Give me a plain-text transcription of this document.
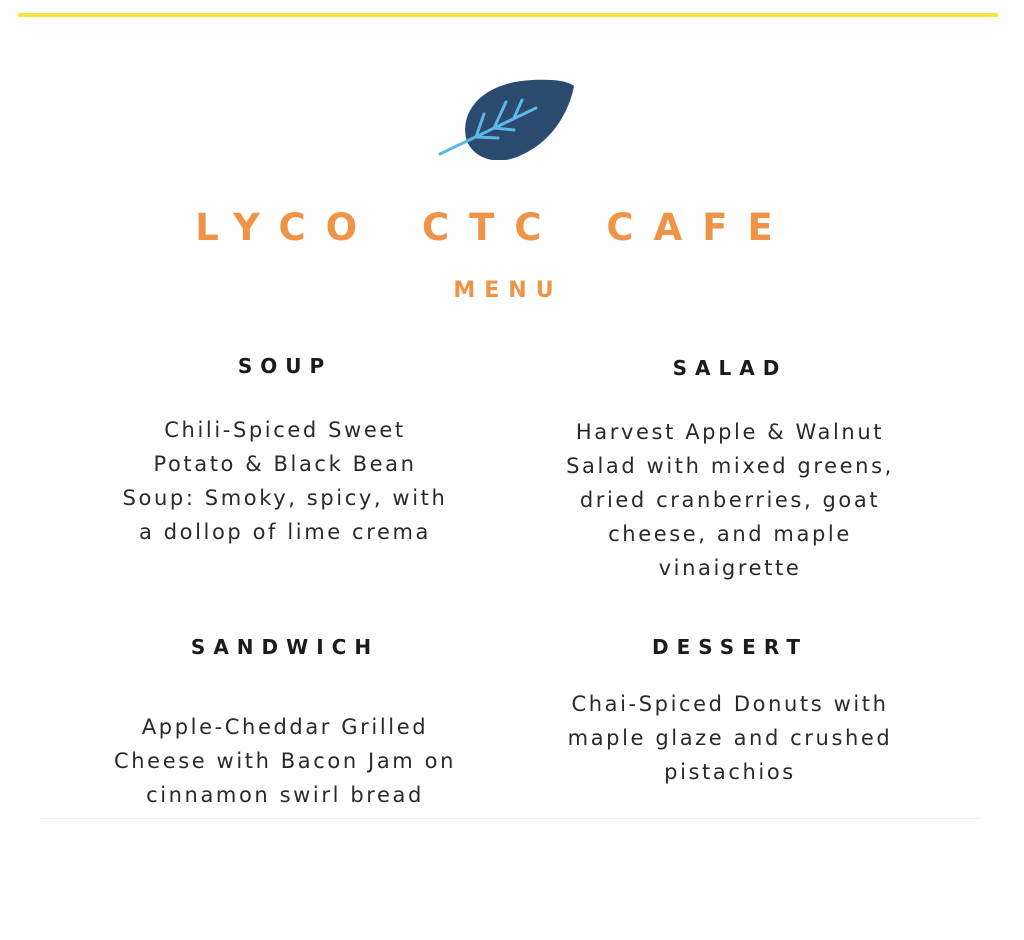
LYCO CTC CAFE
MENU
SOUP

Chili-Spiced Sweet
Potato & Black Bean
Soup: Smoky, spicy, with
a dollop of lime crema

SALAD

Harvest Apple & Walnut
Salad with mixed greens,
dried cranberries, goat
cheese, and maple
vinaigrette

SANDWICH

Apple-Cheddar Grilled
Cheese with Bacon Jam on
cinnamon swirl bread

DESSERT

Chai-Spiced Donuts with
maple glaze and crushed
pistachios
